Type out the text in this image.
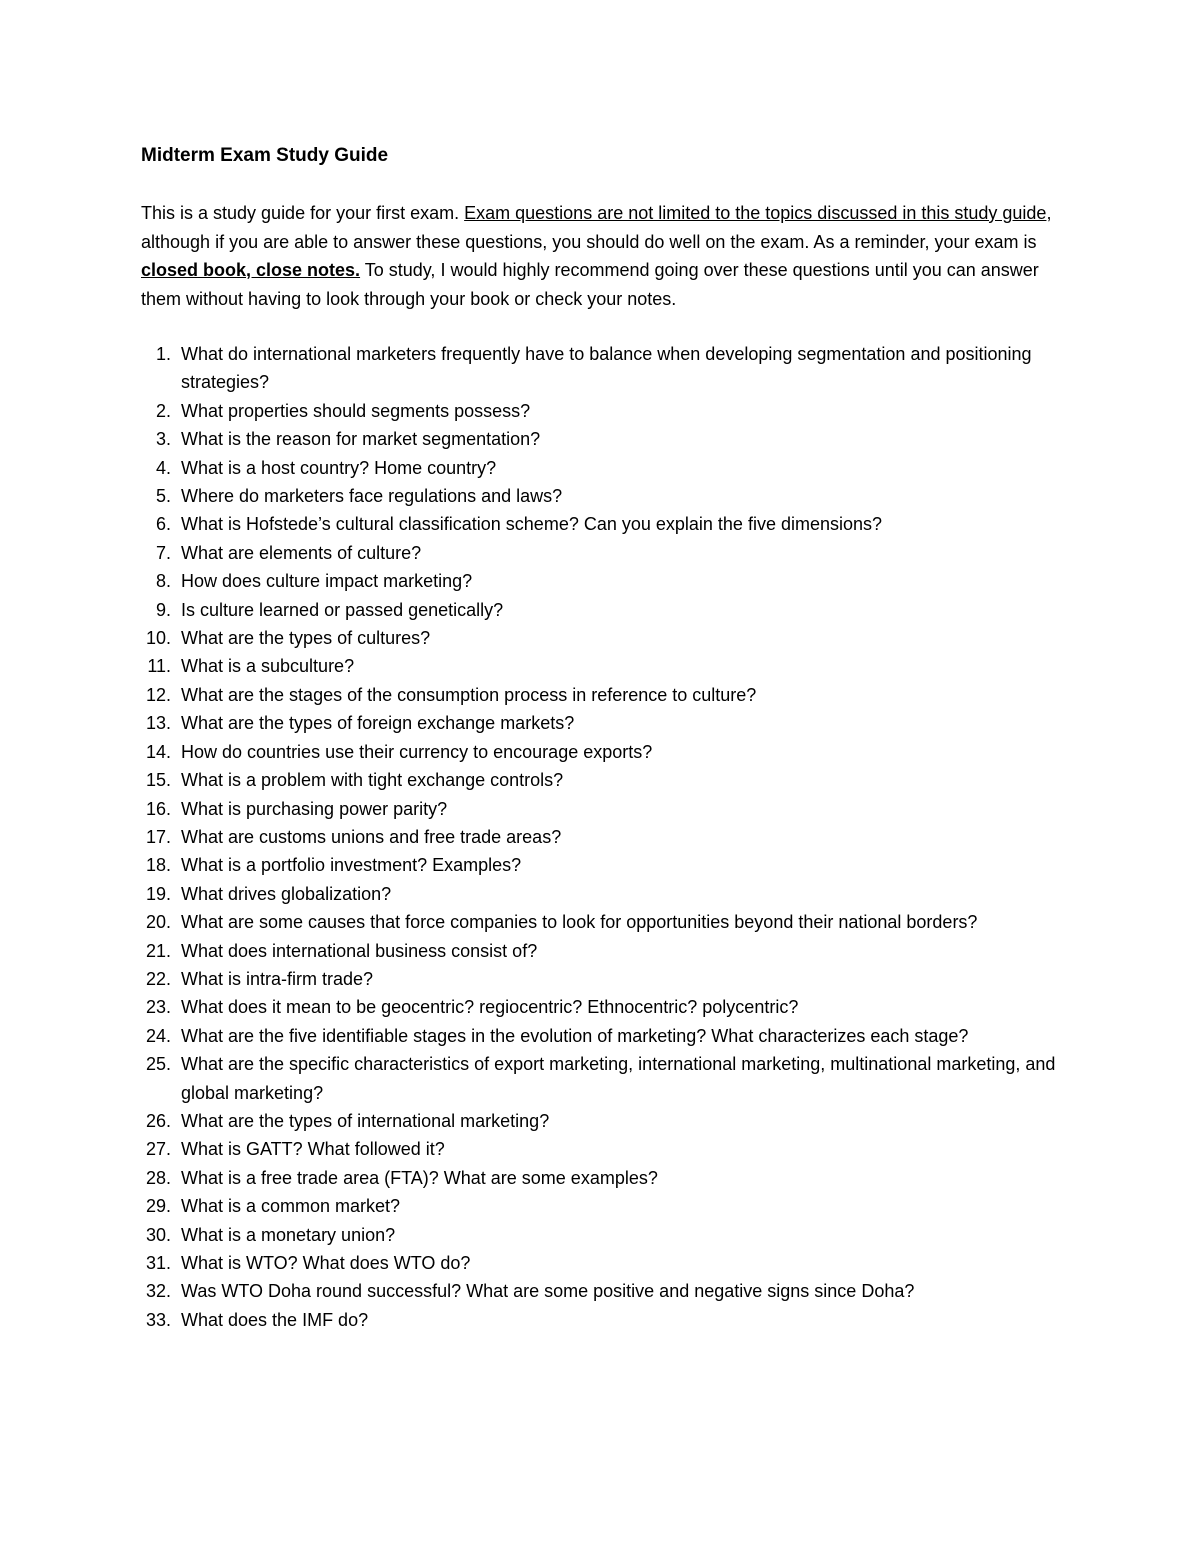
Midterm Exam Study Guide

This is a study guide for your first exam. Exam questions are not limited to the topics discussed in this study guide, although if you are able to answer these questions, you should do well on the exam. As a reminder, your exam is closed book, close notes. To study, I would highly recommend going over these questions until you can answer them without having to look through your book or check your notes.

1. What do international marketers frequently have to balance when developing segmentation and positioning strategies?
2. What properties should segments possess?
3. What is the reason for market segmentation?
4. What is a host country? Home country?
5. Where do marketers face regulations and laws?
6. What is Hofstede’s cultural classification scheme? Can you explain the five dimensions?
7. What are elements of culture?
8. How does culture impact marketing?
9. Is culture learned or passed genetically?
10. What are the types of cultures?
11. What is a subculture?
12. What are the stages of the consumption process in reference to culture?
13. What are the types of foreign exchange markets?
14. How do countries use their currency to encourage exports?
15. What is a problem with tight exchange controls?
16. What is purchasing power parity?
17. What are customs unions and free trade areas?
18. What is a portfolio investment? Examples?
19. What drives globalization?
20. What are some causes that force companies to look for opportunities beyond their national borders?
21. What does international business consist of?
22. What is intra-firm trade?
23. What does it mean to be geocentric? regiocentric? Ethnocentric? polycentric?
24. What are the five identifiable stages in the evolution of marketing? What characterizes each stage?
25. What are the specific characteristics of export marketing, international marketing, multinational marketing, and global marketing?
26. What are the types of international marketing?
27. What is GATT? What followed it?
28. What is a free trade area (FTA)? What are some examples?
29. What is a common market?
30. What is a monetary union?
31. What is WTO? What does WTO do?
32. Was WTO Doha round successful? What are some positive and negative signs since Doha?
33. What does the IMF do?
